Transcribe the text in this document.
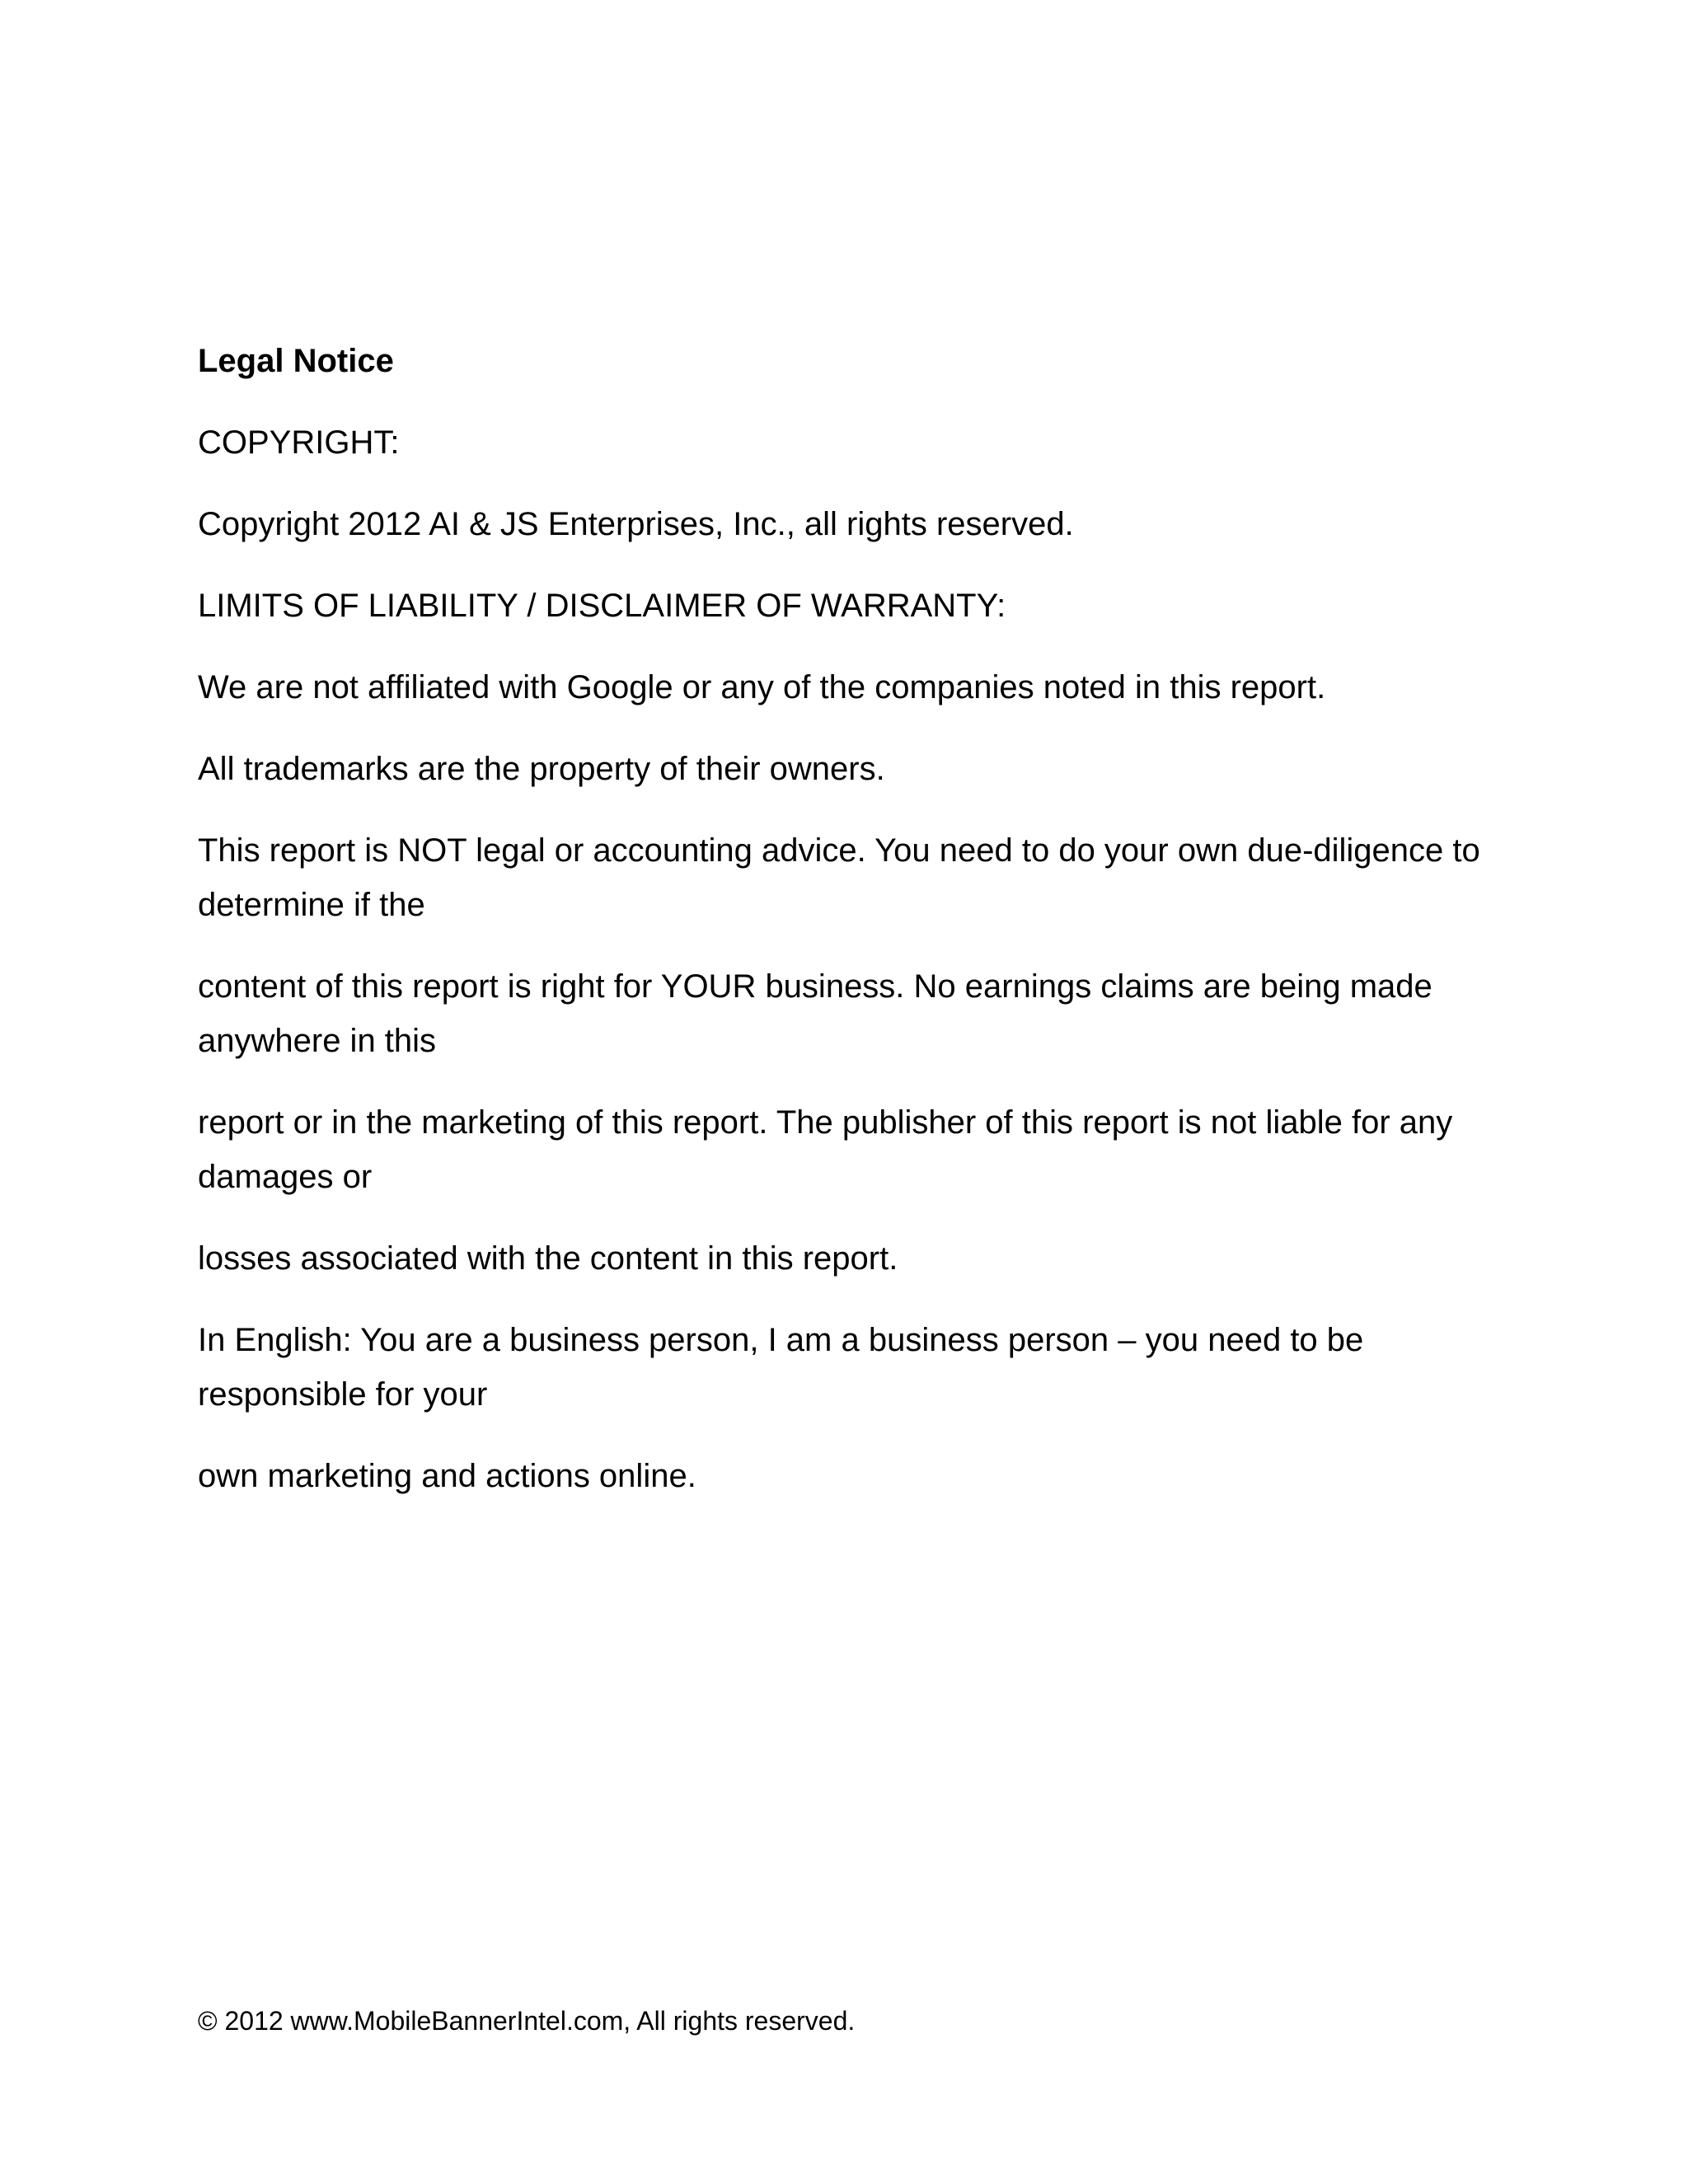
Legal Notice

COPYRIGHT:

Copyright 2012 AI & JS Enterprises, Inc., all rights reserved.

LIMITS OF LIABILITY / DISCLAIMER OF WARRANTY:

We are not affiliated with Google or any of the companies noted in this report.

All trademarks are the property of their owners.

This report is NOT legal or accounting advice. You need to do your own due-diligence to determine if the

content of this report is right for YOUR business. No earnings claims are being made anywhere in this

report or in the marketing of this report. The publisher of this report is not liable for any damages or

losses associated with the content in this report.

In English: You are a business person, I am a business person – you need to be responsible for your

own marketing and actions online.

© 2012 www.MobileBannerIntel.com, All rights reserved.
